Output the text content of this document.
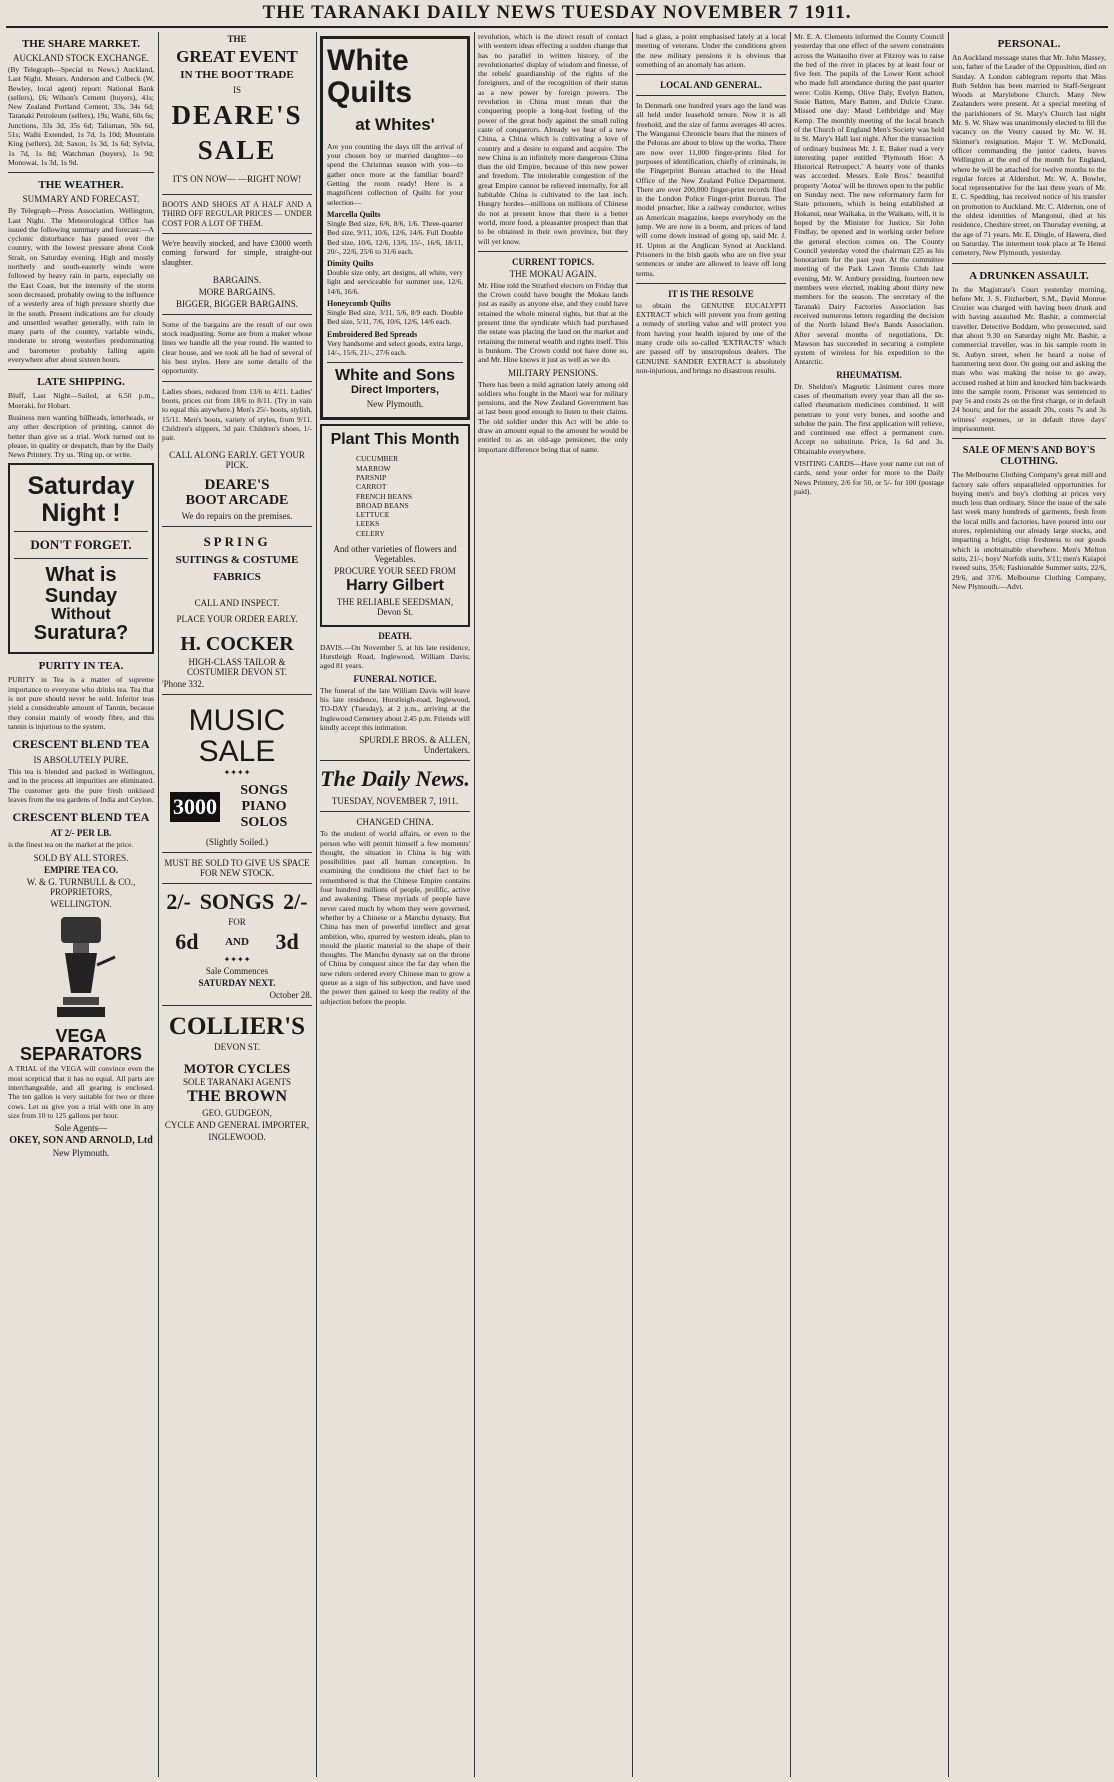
THE TARANAKI DAILY NEWS TUESDAY NOVEMBER 7 1911.
THE SHARE MARKET.
AUCKLAND STOCK EXCHANGE.

(By Telegraph—Special to News.) Auckland, Last Night. Messrs. Anderson and Colbeck (W. Bewley, local agent) report: National Bank (sellers), £6; Wilson's Cement (buyers), 41s; New Zealand Portland Cement, 33s, 34s 6d; Taranaki Petroleum (sellers), 19s; Waihi, 60s 6s; Junctions, 33s 3d, 35s 6d; Talisman, 50s 6d, 51s; Waihi Extended, 1s 7d, 1s 10d; Mountain King (sellers), 2d; Saxon, 1s 3d, 1s 6d; Sylvia, 1s 7d, 1s 8d; Watchman (buyers), 1s 9d; Monowai, 1s 3d, 1s 9d.

THE WEATHER.
SUMMARY AND FORECAST.

By Telegraph—Press Association. Wellington, Last Night. The Meteorological Office has issued the following summary and forecast:—A cyclonic disturbance has passed over the country, with the lowest pressure about Cook Strait, on Saturday evening. High and mostly northerly and south-easterly winds were followed by heavy rain in parts, especially on the East Coast, but the intensity of the storm soon decreased, probably owing to the influence of a westerly area of high pressure shortly due in the south. Present indications are for cloudy and unsettled weather generally, with rain in many parts of the country, variable winds, moderate to strong westerlies predominating and barometer probably falling again everywhere after about sixteen hours.

LATE SHIPPING.

Bluff, Last Night—Sailed, at 6.50 p.m., Moeraki, for Hobart.

Business men wanting billheads, letterheads, or any other description of printing, cannot do better than give us a trial. Work turned out to please, in quality or despatch, than by the Daily News Printery. Try us. 'Ring up, or write.

Saturday Night !
DON'T FORGET.
What is
Sunday
Without
Suratura?
PURITY IN TEA.

PURITY in Tea is a matter of supreme importance to everyone who drinks tea. Tea that is not pure should never be sold. Inferior teas yield a considerable amount of Tannin, because they consist mainly of woody fibre, and this tannin is injurious to the system.

CRESCENT BLEND TEA
IS ABSOLUTELY PURE.

This tea is blended and packed in Wellington, and in the process all impurities are eliminated. The customer gets the pure fresh unkissed leaves from the tea gardens of India and Ceylon.

CRESCENT BLEND TEA
AT 2/- PER LB.

is the finest tea on the market at the price.

SOLD BY ALL STORES.
EMPIRE TEA CO.
W. & G. TURNBULL & CO., PROPRIETORS,
WELLINGTON.
VEGA SEPARATORS

A TRIAL of the VEGA will convince even the most sceptical that it has no equal. All parts are interchangeable, and all gearing is enclosed. The ten gallon is very suitable for two or three cows. Let us give you a trial with one in any size from 10 to 125 gallons per hour.

Sole Agents—
OKEY, SON AND ARNOLD, Ltd
New Plymouth.
THE
GREAT EVENT
IN THE BOOT TRADE
IS
DEARE'S
SALE
IT'S ON NOW— —RIGHT NOW!

BOOTS AND SHOES AT A HALF AND A THIRD OFF REGULAR PRICES — UNDER COST FOR A LOT OF THEM.

We're heavily stocked, and have £3000 worth coming forward for simple, straight-out slaughter.

BARGAINS.
MORE BARGAINS.
BIGGER, BIGGER BARGAINS.

Some of the bargains are the result of our own stock readjusting. Some are from a maker whose lines we handle all the year round. He wanted to clear house, and we took all he had of several of his best styles. Here are some details of the opportunity.

Ladies shoes, reduced from 13/6 to 4/11. Ladies' boots, prices cut from 18/6 to 8/11. (Try in vain to equal this anywhere.) Men's 25/- boots, stylish, 15/11. Men's boots, variety of styles, from 9/11. Children's slippers, 3d pair. Children's shoes, 1/- pair.

CALL ALONG EARLY. GET YOUR PICK.
DEARE'S
BOOT ARCADE
We do repairs on the premises.
SPRING
SUITINGS & COSTUME
FABRICS
CALL AND INSPECT.
PLACE YOUR ORDER EARLY.
H. COCKER
HIGH-CLASS TAILOR & COSTUMIER DEVON ST.
'Phone 332.
MUSIC
SALE
✦✦✦✦
3000
SONGS PIANO SOLOS
(Slightly Soiled.)
MUST BE SOLD TO GIVE US SPACE FOR NEW STOCK.
2/- SONGS 2/-
FOR
6d AND 3d
✦✦✦✦
Sale Commences
SATURDAY NEXT.
October 28.
COLLIER'S
DEVON ST.
MOTOR CYCLES
SOLE TARANAKI AGENTS
THE BROWN
GEO. GUDGEON,
CYCLE AND GENERAL IMPORTER,
INGLEWOOD.
White
Quilts
at Whites'

Are you counting the days till the arrival of your chosen boy or married daughter—to spend the Christmas season with you—to gather once more at the familiar board? Getting the room ready! Here is a magnificent collection of Quilts for your selection—

Marcella Quilts

Single Bed size, 6/6, 8/6, 1/6. Three-quarter Bed size, 9/11, 10/6, 12/6, 14/6. Full Double Bed size, 10/6, 12/6, 13/6, 15/-, 16/6, 18/11, 20/-, 22/6, 25/6 to 31/6 each.

Dimity Quilts

Double size only, art designs, all white, very light and serviceable for summer use, 12/6, 14/6, 16/6.

Honeycomb Quilts

Single Bed size, 3/11, 5/6, 8/9 each. Double Bed size, 5/11, 7/6, 10/6, 12/6, 14/6 each.

Embroidered Bed Spreads

Very handsome and select goods, extra large, 14/-, 15/6, 21/-, 27/6 each.

White and Sons
Direct Importers,
New Plymouth.
Plant This Month
CUCUMBER
MARROW
PARSNIP
CARROT
FRENCH BEANS
BROAD BEANS
LETTUCE
LEEKS
CELERY
And other varieties of flowers and Vegetables.
PROCURE YOUR SEED FROM
Harry Gilbert
THE RELIABLE SEEDSMAN, Devon St.
DEATH.

DAVIS.—On November 5, at his late residence, Hurstleigh Road, Inglewood, William Davis; aged 81 years.

FUNERAL NOTICE.

The funeral of the late William Davis will leave his late residence, Hurstleigh-road, Inglewood, TO-DAY (Tuesday), at 2 p.m., arriving at the Inglewood Cemetery about 2.45 p.m. Friends will kindly accept this intimation.

SPURDLE BROS. & ALLEN, Undertakers.
The Daily News.
TUESDAY, NOVEMBER 7, 1911.
CHANGED CHINA.

To the student of world affairs, or even to the person who will permit himself a few moments' thought, the situation in China is big with possibilities past all human conception. In examining the conditions the chief fact to be remembered is that the Chinese Empire contains four hundred millions of people, prolific, active and awakening. These myriads of people have never cared much by whom they were governed, whether by a Chinese or a Manchu dynasty. But China has men of powerful intellect and great ambition, who, spurred by western ideals, plan to mould the plastic material to the shape of their thoughts. The Manchu dynasty sat on the throne of China by conquest since the far day when the new rulers ordered every Chinese man to grow a queue as a sign of his subjection, and have used the power then gained to keep the reality of the subjection before the people.

revolution, which is the direct result of contact with western ideas effecting a sudden change that has no parallel in written history, of the revolutionaries' display of wisdom and finesse, of the rebels' guardianship of the rights of the foreigners, and of the recognition of their status as a new power by foreign powers. The revolution in China must mean that the conquering people a long-lost feeling of the power of the great body against the small ruling caste of conquerors. Already we hear of a new China, a China which is cultivating a love of country and a desire to expand and acquire. The new China is an infinitely more dangerous China than the old Empire, because of this new power and freedom. The intolerable congestion of the great Empire cannot be relieved internally, for all habitable China is cultivated to the last inch. Hungry hordes—millions on millions of Chinese do not at present know that there is a better world, more food, a pleasanter prospect than that to be obtained in their own province, but they will yet know.

CURRENT TOPICS.
THE MOKAU AGAIN.

Mr. Hine told the Stratford electors on Friday that the Crown could have bought the Mokau lands just as easily as anyone else, and they could have retained the whole mineral rights, but that at the present time the syndicate which had purchased the estate was placing the land on the market and retaining the mineral wealth and rights itself. This is bunkum. The Crown could not have done so, and Mr. Hine knows it just as well as we do.

MILITARY PENSIONS.

There has been a mild agitation lately among old soldiers who fought in the Maori war for military pensions, and the New Zealand Government has at last been good enough to listen to their claims. The old soldier under this Act will be able to draw an amount equal to the amount he would be entitled to as an old-age pensioner, the only important difference being that of name.

had a glass, a point emphasised lately at a local meeting of veterans. Under the conditions given the new military pensions it is obvious that something of an anomaly has arisen.

LOCAL AND GENERAL.

In Denmark one hundred years ago the land was all held under leasehold tenure. Now it is all freehold, and the size of farms averages 40 acres. The Wanganui Chronicle hears that the miners of the Peloras are about to blow up the works. There are now over 11,000 finger-prints filed for purposes of identification, chiefly of criminals, in the Fingerprint Bureau attached to the Head Office of the New Zealand Police Department. There are over 200,000 finger-print records filed in the London Police Finger-print Bureau. The model preacher, like a railway conductor, writes an American magazine, keeps everybody on the jump. We are now in a boom, and prices of land will come down instead of going up, said Mr. J. H. Upton at the Anglican Synod at Auckland. Prisoners in the Irish gaols who are on five year sentences or under are allowed to leave off long terms.

IT IS THE RESOLVE

to obtain the GENUINE EUCALYPTI EXTRACT which will prevent you from getting a remedy of sterling value and will protect you from having your health injured by one of the many crude oils so-called 'EXTRACTS' which are passed off by unscrupulous dealers. The GENUINE SANDER EXTRACT is absolutely non-injurious, and brings no disastrous results.

Mr. E. A. Clements informed the County Council yesterday that one effect of the severe constraints across the Waitaoiho river at Fitzroy was to raise the bed of the river in places by at least four or five feet. The pupils of the Lower Kent school who made full attendance during the past quarter were: Colin Kemp, Olive Daly, Evelyn Batten, Susie Batten, Mary Batten, and Dulcie Crane. Missed one day: Maud Lethbridge and May Kemp. The monthly meeting of the local branch of the Church of England Men's Society was held in St. Mary's Hall last night. After the transaction of ordinary business Mr. J. E. Baker read a very interesting paper entitled 'Plymouth Hoe: A Historical Retrospect.' A hearty vote of thanks was accorded. Messrs. Eole Bros.' beautiful property 'Aotea' will be thrown open to the public on Sunday next. The new reformatory farm for State prisoners, which is being established at Hokanui, near Waikaka, in the Waikato, will, it is hoped by the Minister for Justice, Sir John Findlay, be opened and in working order before the general election comes on. The County Council yesterday voted the chairman £25 as his honorarium for the past year. At the committee meeting of the Park Lawn Tennis Club last evening, Mr. W. Ambury presiding, fourteen new members were elected, making about thirty new members for the season. The secretary of the Taranaki Dairy Factories Association has received numerous letters regarding the decision of the North Island Bee's Bands Association. After several months of negotiations, Dr. Mawson has succeeded in securing a complete system of wireless for his expedition to the Antarctic.

RHEUMATISM.

Dr. Sheldon's Magnetic Liniment cures more cases of rheumatism every year than all the so-called rheumatism medicines combined. It will penetrate to your very bones, and soothe and subdue the pain. The first application will relieve, and continued use effect a permanent cure. Accept no substitute. Price, 1s 6d and 3s. Obtainable everywhere.

VISITING CARDS—Have your name cut out of cards, send your order for more to the Daily News Printery, 2/6 for 50, or 5/- for 100 (postage paid).

PERSONAL.

An Auckland message states that Mr. John Massey, son, father of the Leader of the Opposition, died on Sunday. A London cablegram reports that Miss Ruth Seldon has been married to Staff-Sergeant Woods at Marylebone Church. Many New Zealanders were present. At a special meeting of the parishioners of St. Mary's Church last night Mr. S. W. Shaw was unanimously elected to fill the vacancy on the Vestry caused by Mr. W. H. Skinner's resignation. Major T. W. McDonald, officer commanding the junior cadets, leaves Wellington at the end of the month for England, where he will be attached for twelve months to the regular forces at Aldershot. Mr. W. A. Bowler, local representative for the last three years of Mr. E. C. Spedding, has received notice of his transfer on promotion to Auckland. Mr. C. Alderton, one of the oldest identities of Mangonui, died at his residence, Cheshire street, on Thursday evening, at the age of 71 years. Mr. E. Dingle, of Hawera, died on Saturday. The interment took place at Te Henui cemetery, New Plymouth, yesterday.

A DRUNKEN ASSAULT.

In the Magistrate's Court yesterday morning, before Mr. J. S. Fitzherbert, S.M., David Monroe Crozier was charged with having been drunk and with having assaulted Mr. Bashir, a commercial traveller. Detective Boddam, who prosecuted, said that about 9.30 on Saturday night Mr. Bashir, a commercial traveller, was in his sample room in St. Aubyn street, when he heard a noise of hammering next door. On going out and asking the man who was making the noise to go away, accused rushed at him and knocked him backwards into the sample room. Prisoner was sentenced to pay 5s and costs 2s on the first charge, or in default 24 hours; and for the assault 20s, costs 7s and 3s witness' expenses, or in default three days' imprisonment.

SALE OF MEN'S AND BOY'S CLOTHING.

The Melbourne Clothing Company's great mill and factory sale offers unparalleled opportunities for buying men's and boy's clothing at prices very much less than ordinary. Since the issue of the sale last week many hundreds of garments, fresh from the local mills and factories, have poured into our stores, replenishing our already large stocks, and imparting a bright, crisp freshness to our goods which is unobtainable elsewhere. Men's Melton suits, 21/-; boys' Norfolk suits, 3/11; men's Kaiapoi tweed suits, 35/6; Fashionable Summer suits, 22/6, 29/6, and 37/6. Melbourne Clothing Company, New Plymouth.—Advt.
